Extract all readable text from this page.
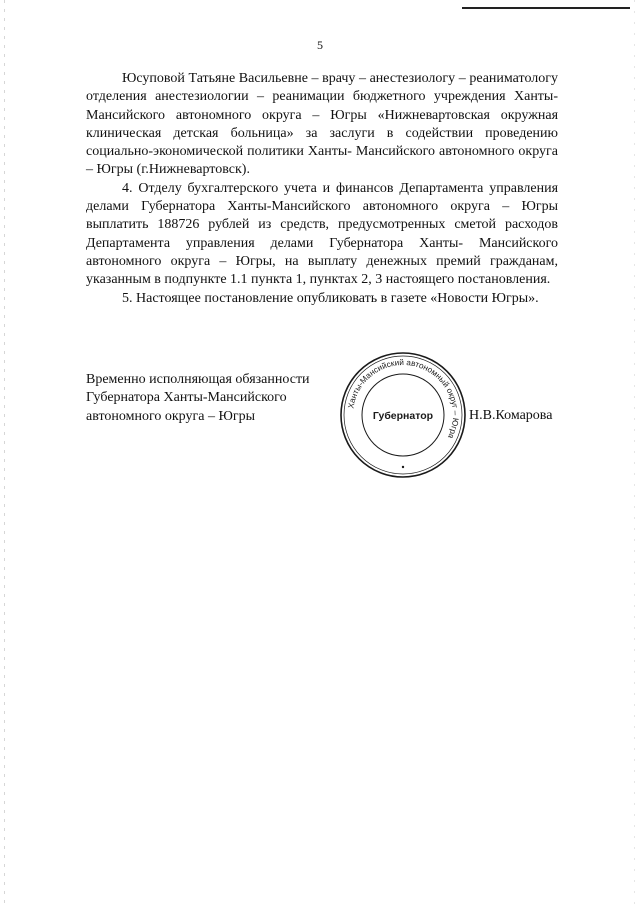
5
Юсуповой Татьяне Васильевне – врачу – анестезиологу – реаниматологу отделения анестезиологии – реанимации бюджетного учреждения Ханты-Мансийского автономного округа – Югры «Нижневартовская окружная клиническая детская больница» за заслуги в содействии проведению социально-экономической политики Ханты- Мансийского автономного округа – Югры (г.Нижневартовск).
4. Отделу бухгалтерского учета и финансов Департамента управления делами Губернатора Ханты-Мансийского автономного округа – Югры выплатить 188726 рублей из средств, предусмотренных сметой расходов Департамента управления делами Губернатора Ханты- Мансийского автономного округа – Югры, на выплату денежных премий гражданам, указанным в подпункте 1.1 пункта 1, пунктах 2, 3 настоящего постановления.
5. Настоящее постановление опубликовать в газете «Новости Югры».
Временно исполняющая обязанности
Губернатора Ханты-Мансийского
автономного округа – Югры
Ханты-Мансийский автономный округ – Югра
Губернатор	Н.В.Комарова
